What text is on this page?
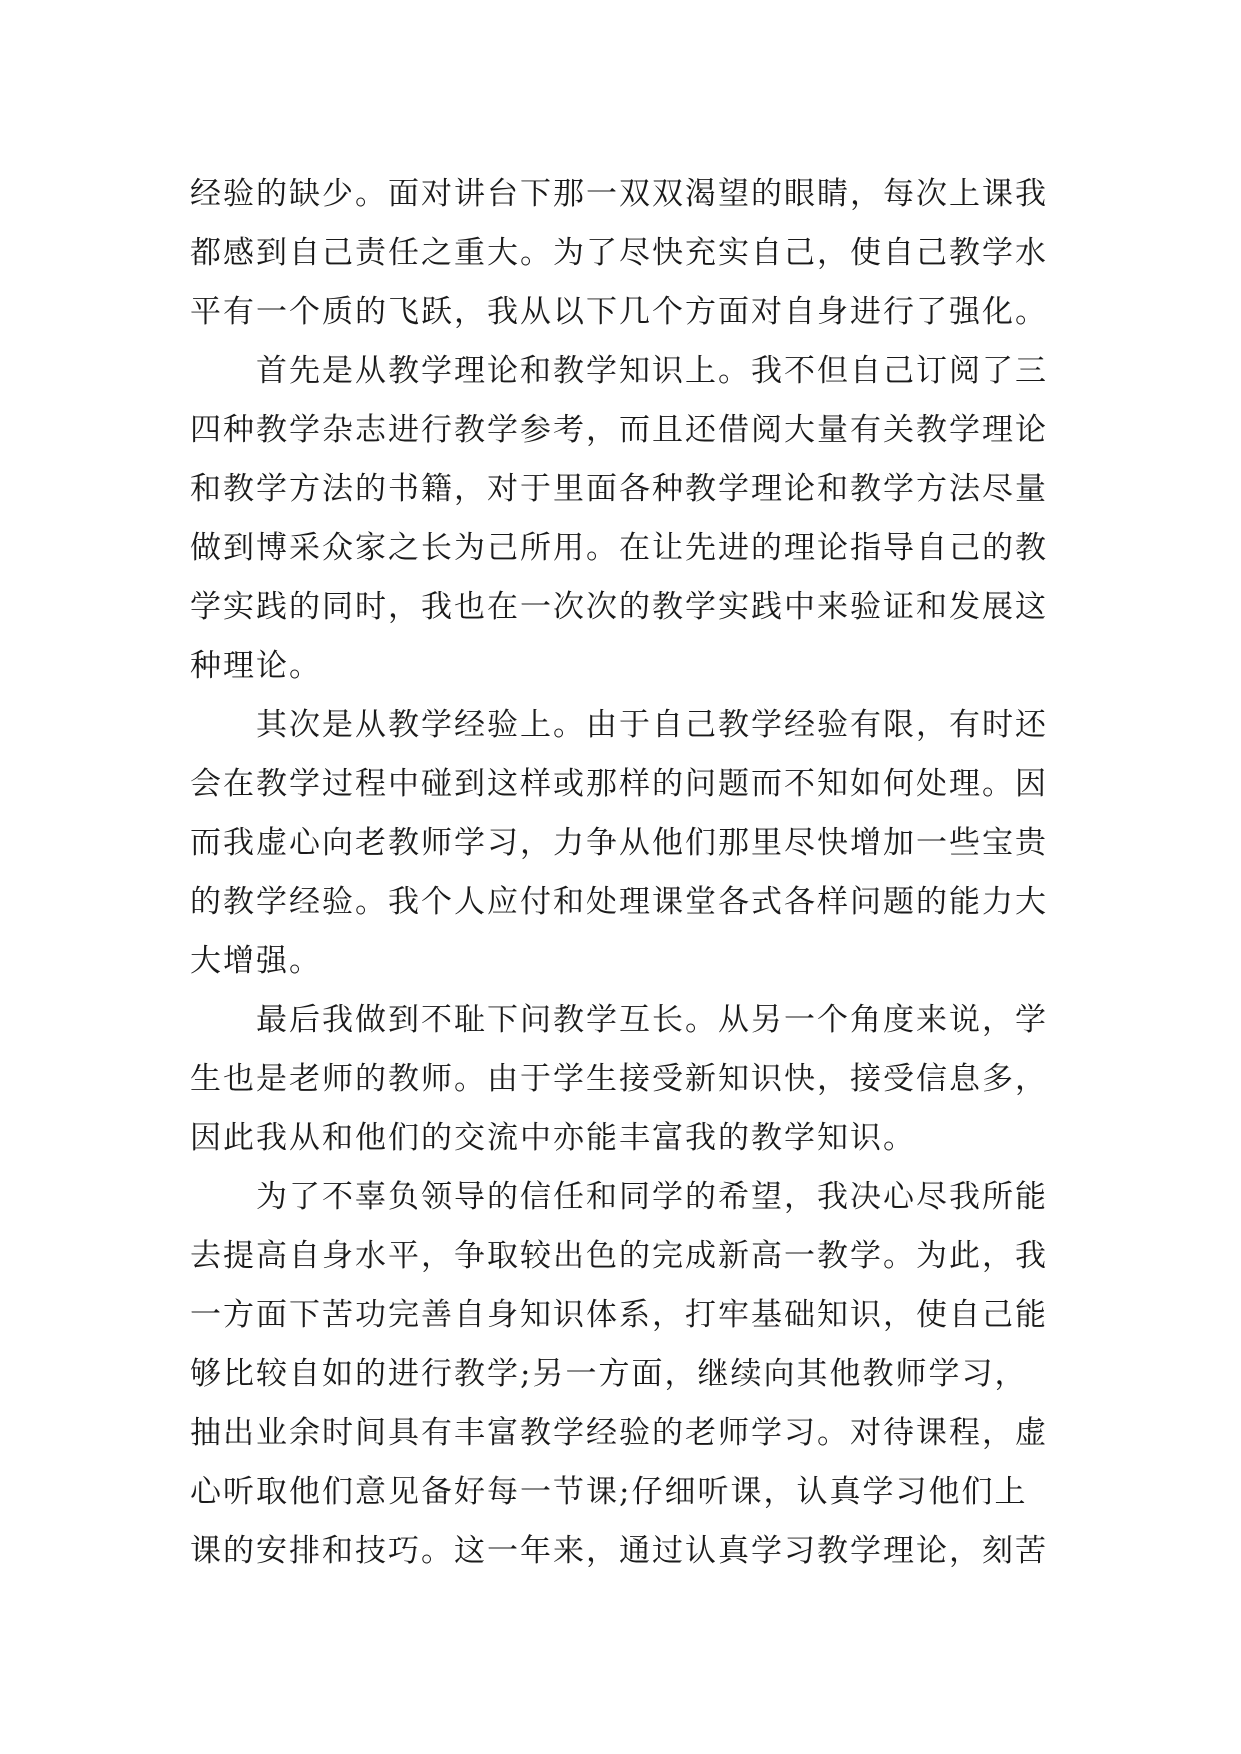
经验的缺少。面对讲台下那一双双渴望的眼睛，每次上课我
都感到自己责任之重大。为了尽快充实自己，使自己教学水
平有一个质的飞跃，我从以下几个方面对自身进行了强化。
首先是从教学理论和教学知识上。我不但自己订阅了三
四种教学杂志进行教学参考，而且还借阅大量有关教学理论
和教学方法的书籍，对于里面各种教学理论和教学方法尽量
做到博采众家之长为己所用。在让先进的理论指导自己的教
学实践的同时，我也在一次次的教学实践中来验证和发展这
种理论。
其次是从教学经验上。由于自己教学经验有限，有时还
会在教学过程中碰到这样或那样的问题而不知如何处理。因
而我虚心向老教师学习，力争从他们那里尽快增加一些宝贵
的教学经验。我个人应付和处理课堂各式各样问题的能力大
大增强。
最后我做到不耻下问教学互长。从另一个角度来说，学
生也是老师的教师。由于学生接受新知识快，接受信息多，
因此我从和他们的交流中亦能丰富我的教学知识。
为了不辜负领导的信任和同学的希望，我决心尽我所能
去提高自身水平，争取较出色的完成新高一教学。为此，我
一方面下苦功完善自身知识体系，打牢基础知识，使自己能
够比较自如的进行教学;另一方面，继续向其他教师学习，
抽出业余时间具有丰富教学经验的老师学习。对待课程，虚
心听取他们意见备好每一节课;仔细听课，认真学习他们上
课的安排和技巧。这一年来，通过认真学习教学理论，刻苦
